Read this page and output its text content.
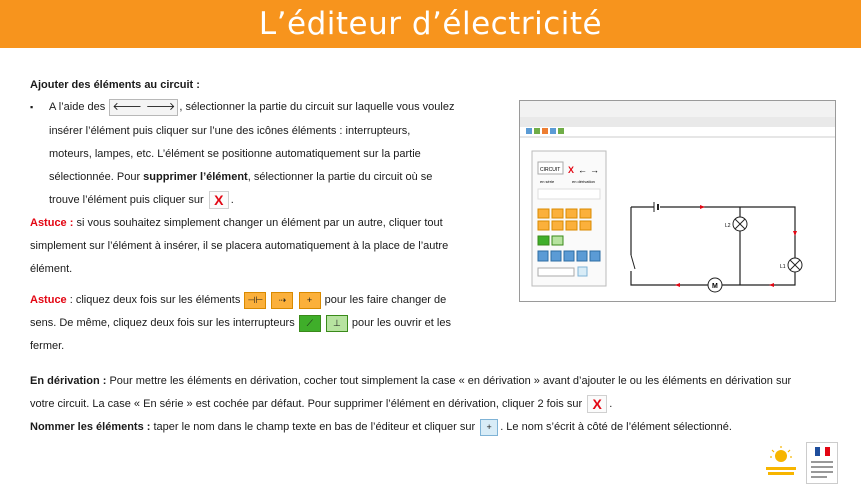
L’éditeur d’électricité
Ajouter des éléments au circuit :
▪ A l’aide des 🡐 🡒 , sélectionner la partie du circuit sur laquelle vous voulez
insérer l’élément puis cliquer sur l’une des icônes éléments : interrupteurs,
moteurs, lampes, etc. L’élément se positionne automatiquement sur la partie
sélectionnée. Pour supprimer l’élément, sélectionner la partie du circuit où se
trouve l’élément puis cliquer sur X .
Astuce : si vous souhaitez simplement changer un élément par un autre, cliquer tout
simplement sur l’élément à insérer, il se placera automatiquement à la place de l’autre
élément.
Astuce : cliquez deux fois sur les éléments ⊣⊢ ⇢ + pour les faire changer de
sens. De même, cliquez deux fois sur les interrupteurs ⟋ ⊥ pour les ouvrir et les
fermer.
CIRCUIT X ← →
en série	en dérivation
M
L2
L1
En dérivation : Pour mettre les éléments en dérivation, cocher tout simplement la case « en dérivation » avant d’ajouter le ou les éléments en dérivation sur
votre circuit. La case « En série » est cochée par défaut. Pour supprimer l’élément en dérivation, cliquer 2 fois sur X .
Nommer les éléments : taper le nom dans le champ texte en bas de l’éditeur et cliquer sur + . Le nom s’écrit à côté de l’élément sélectionné.
